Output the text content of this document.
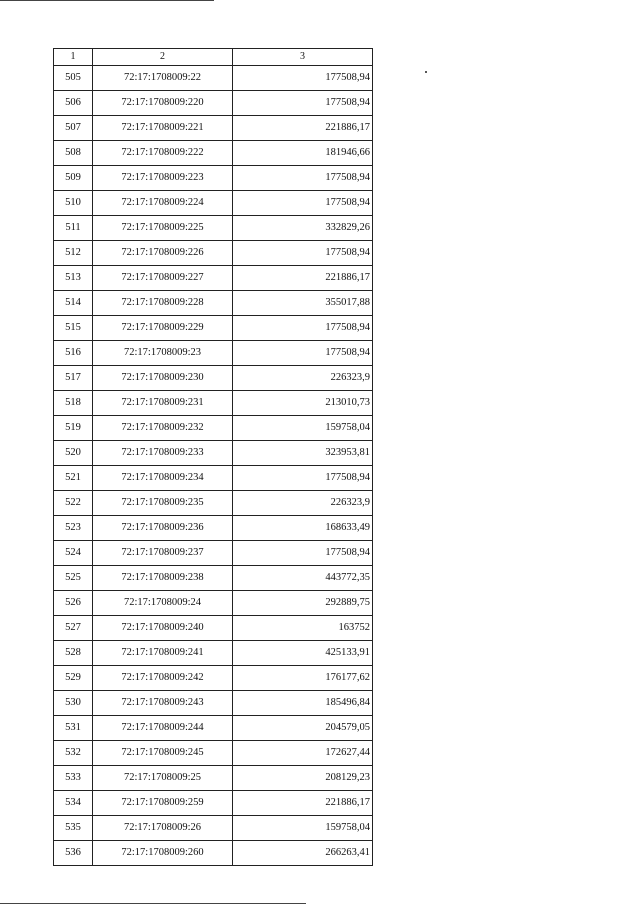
1	2	3
505	72:17:1708009:22	177508,94
506	72:17:1708009:220	177508,94
507	72:17:1708009:221	221886,17
508	72:17:1708009:222	181946,66
509	72:17:1708009:223	177508,94
510	72:17:1708009:224	177508,94
511	72:17:1708009:225	332829,26
512	72:17:1708009:226	177508,94
513	72:17:1708009:227	221886,17
514	72:17:1708009:228	355017,88
515	72:17:1708009:229	177508,94
516	72:17:1708009:23	177508,94
517	72:17:1708009:230	226323,9
518	72:17:1708009:231	213010,73
519	72:17:1708009:232	159758,04
520	72:17:1708009:233	323953,81
521	72:17:1708009:234	177508,94
522	72:17:1708009:235	226323,9
523	72:17:1708009:236	168633,49
524	72:17:1708009:237	177508,94
525	72:17:1708009:238	443772,35
526	72:17:1708009:24	292889,75
527	72:17:1708009:240	163752
528	72:17:1708009:241	425133,91
529	72:17:1708009:242	176177,62
530	72:17:1708009:243	185496,84
531	72:17:1708009:244	204579,05
532	72:17:1708009:245	172627,44
533	72:17:1708009:25	208129,23
534	72:17:1708009:259	221886,17
535	72:17:1708009:26	159758,04
536	72:17:1708009:260	266263,41
